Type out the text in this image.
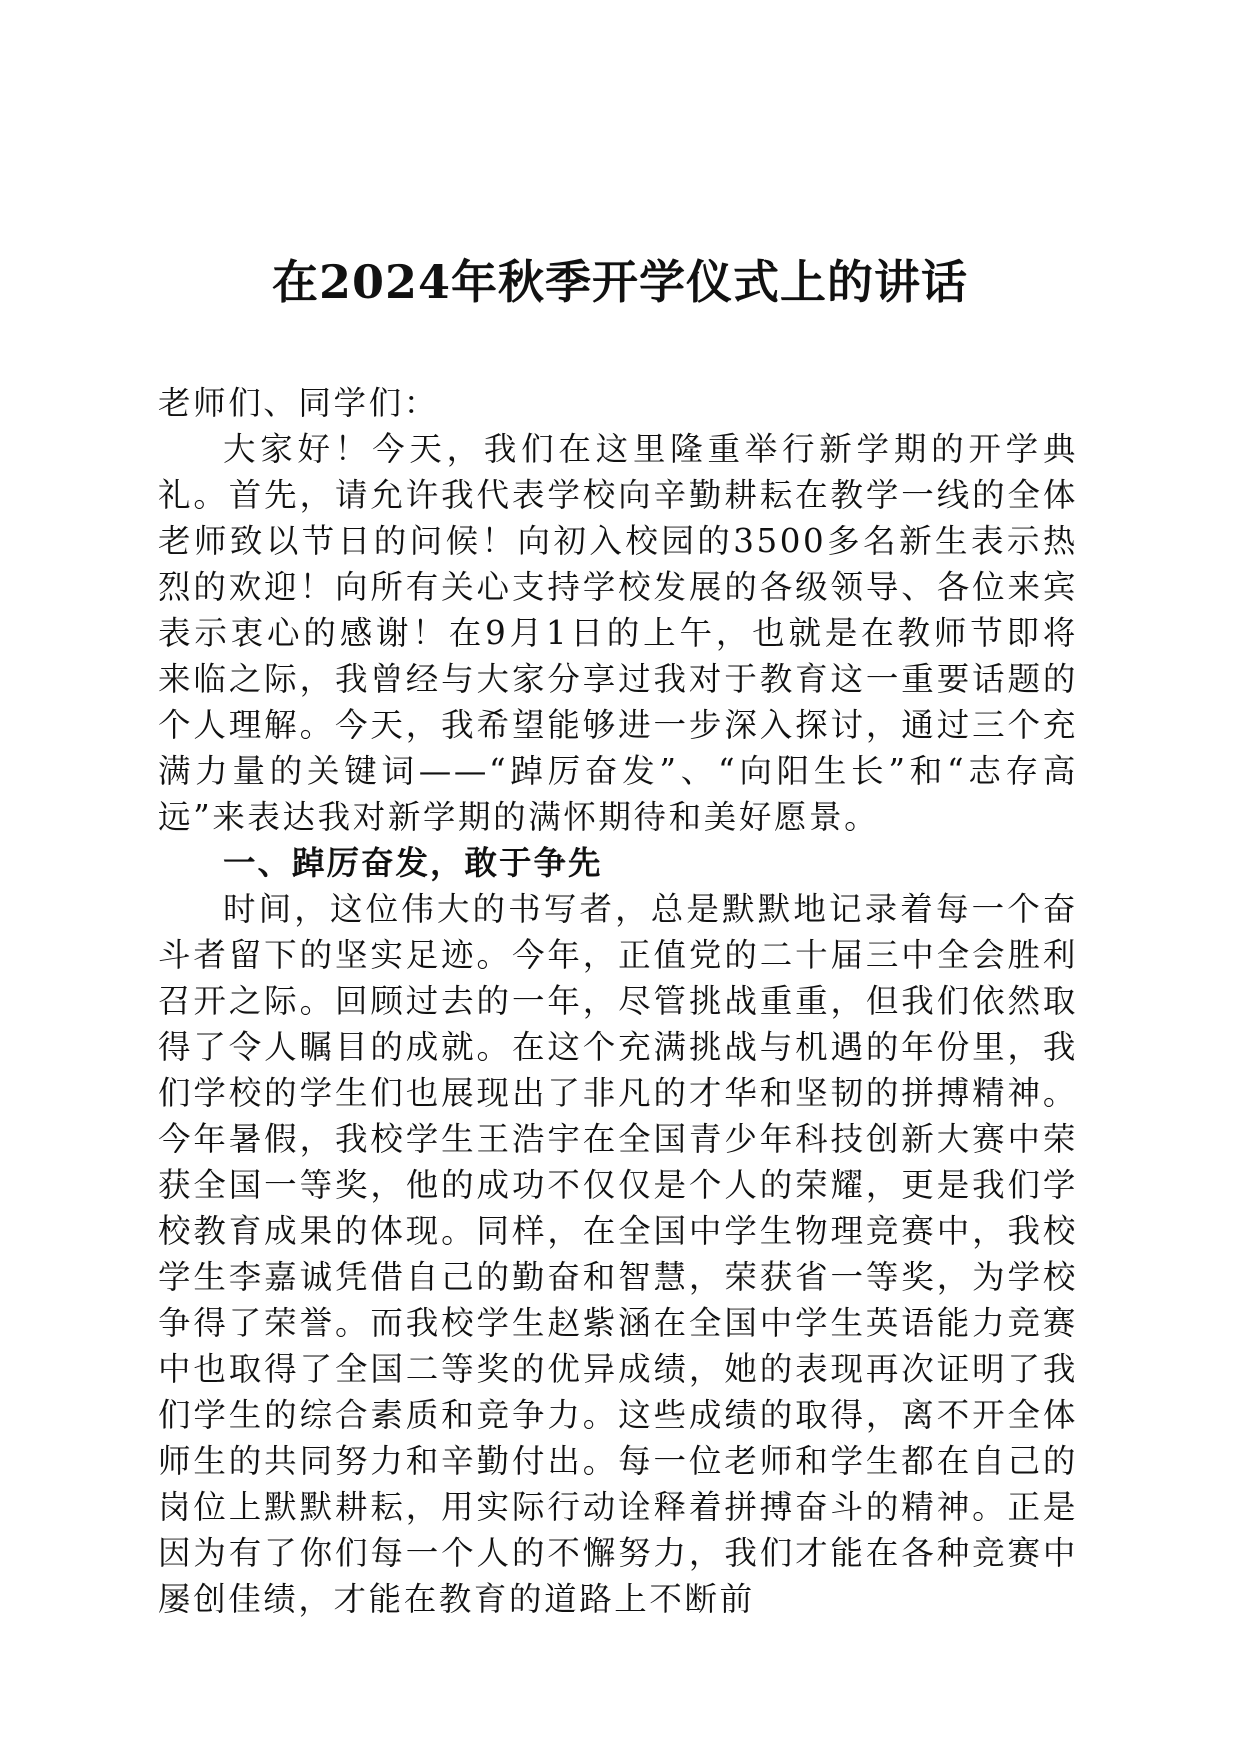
在2024年秋季开学仪式上的讲话

老师们、同学们：

大家好！今天，我们在这里隆重举行新学期的开学典礼。首先，请允许我代表学校向辛勤耕耘在教学一线的全体老师致以节日的问候！向初入校园的3500多名新生表示热烈的欢迎！向所有关心支持学校发展的各级领导、各位来宾表示衷心的感谢！在9月1日的上午，也就是在教师节即将来临之际，我曾经与大家分享过我对于教育这一重要话题的个人理解。今天，我希望能够进一步深入探讨，通过三个充满力量的关键词——“踔厉奋发”、“向阳生长”和“志存高远”来表达我对新学期的满怀期待和美好愿景。

一、踔厉奋发，敢于争先

时间，这位伟大的书写者，总是默默地记录着每一个奋斗者留下的坚实足迹。今年，正值党的二十届三中全会胜利召开之际。回顾过去的一年，尽管挑战重重，但我们依然取得了令人瞩目的成就。在这个充满挑战与机遇的年份里，我们学校的学生们也展现出了非凡的才华和坚韧的拼搏精神。今年暑假，我校学生王浩宇在全国青少年科技创新大赛中荣获全国一等奖，他的成功不仅仅是个人的荣耀，更是我们学校教育成果的体现。同样，在全国中学生物理竞赛中，我校学生李嘉诚凭借自己的勤奋和智慧，荣获省一等奖，为学校争得了荣誉。而我校学生赵紫涵在全国中学生英语能力竞赛中也取得了全国二等奖的优异成绩，她的表现再次证明了我们学生的综合素质和竞争力。这些成绩的取得，离不开全体师生的共同努力和辛勤付出。每一位老师和学生都在自己的岗位上默默耕耘，用实际行动诠释着拼搏奋斗的精神。正是因为有了你们每一个人的不懈努力，我们才能在各种竞赛中屡创佳绩，才能在教育的道路上不断前
